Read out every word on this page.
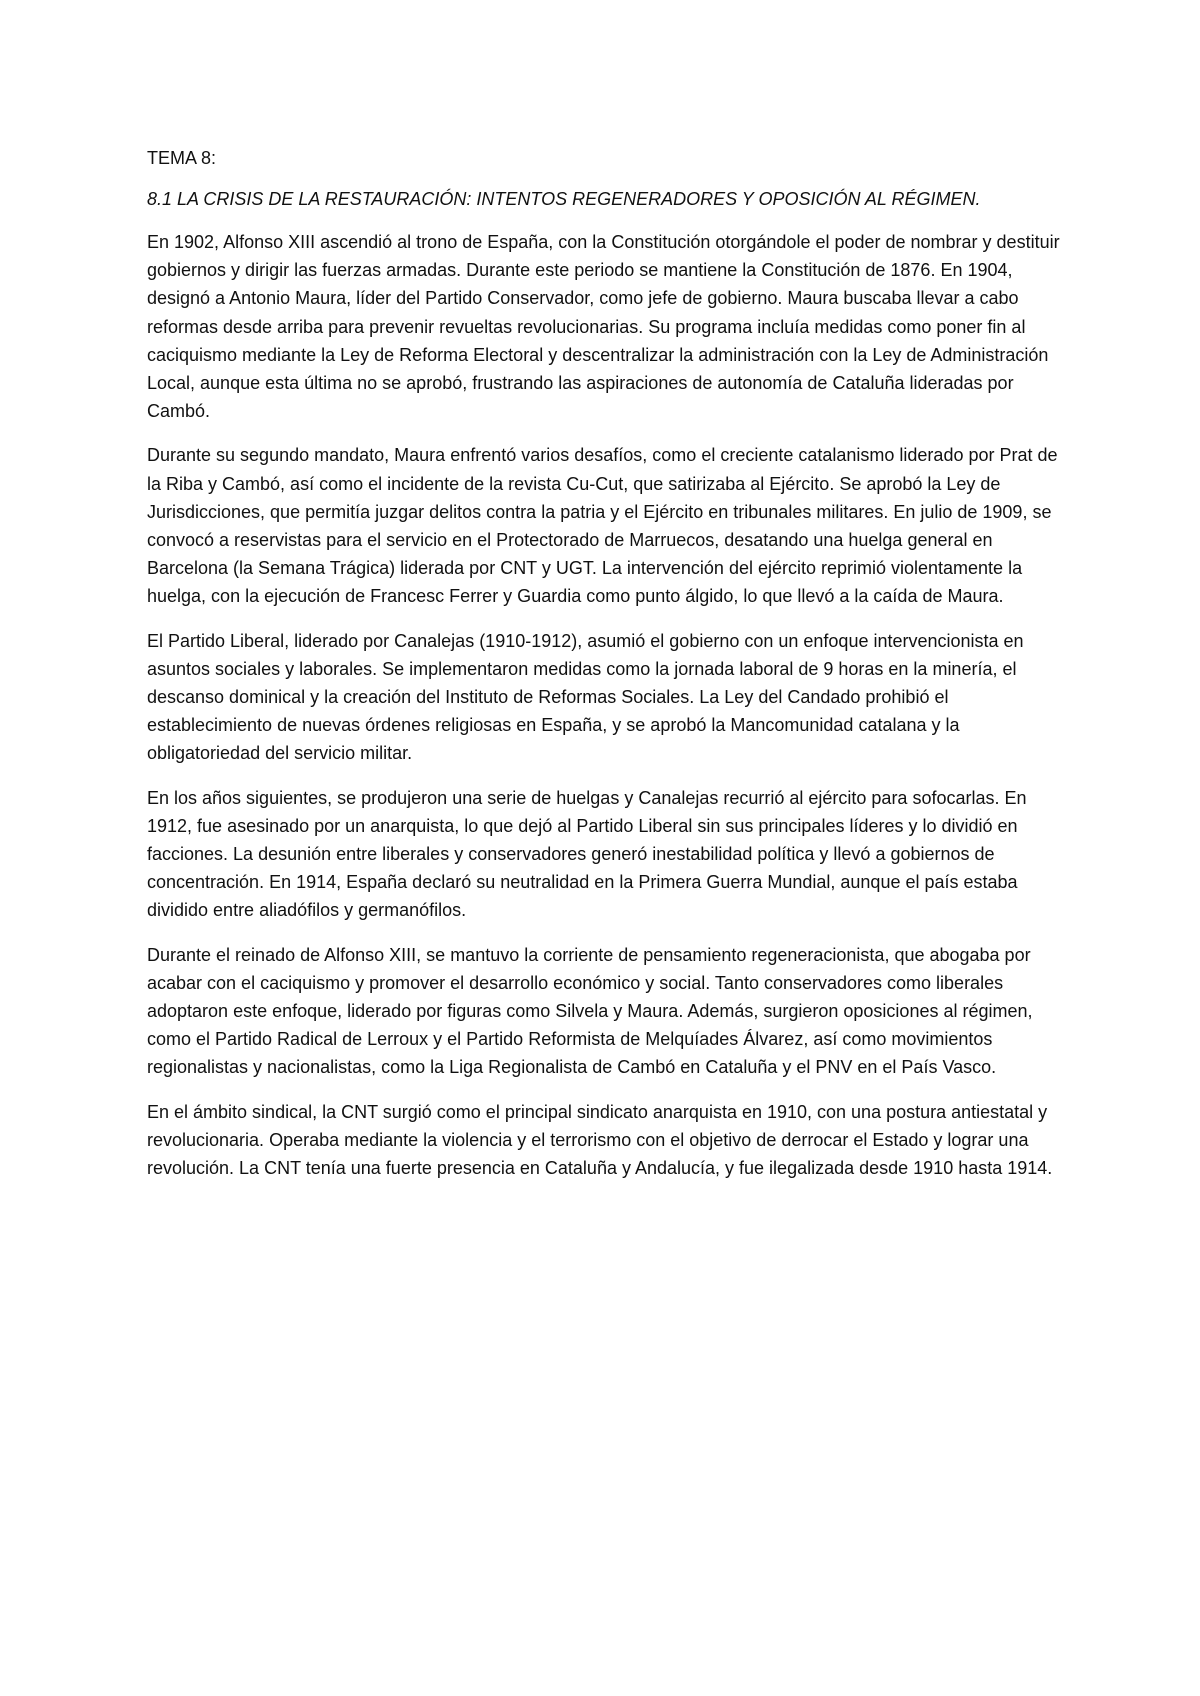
TEMA 8:
8.1 LA CRISIS DE LA RESTAURACIÓN: INTENTOS REGENERADORES Y OPOSICIÓN AL RÉGIMEN.

En 1902, Alfonso XIII ascendió al trono de España, con la Constitución otorgándole el poder de nombrar y destituir gobiernos y dirigir las fuerzas armadas. Durante este periodo se mantiene la Constitución de 1876. En 1904, designó a Antonio Maura, líder del Partido Conservador, como jefe de gobierno. Maura buscaba llevar a cabo reformas desde arriba para prevenir revueltas revolucionarias. Su programa incluía medidas como poner fin al caciquismo mediante la Ley de Reforma Electoral y descentralizar la administración con la Ley de Administración Local, aunque esta última no se aprobó, frustrando las aspiraciones de autonomía de Cataluña lideradas por Cambó.

Durante su segundo mandato, Maura enfrentó varios desafíos, como el creciente catalanismo liderado por Prat de la Riba y Cambó, así como el incidente de la revista Cu-Cut, que satirizaba al Ejército. Se aprobó la Ley de Jurisdicciones, que permitía juzgar delitos contra la patria y el Ejército en tribunales militares. En julio de 1909, se convocó a reservistas para el servicio en el Protectorado de Marruecos, desatando una huelga general en Barcelona (la Semana Trágica) liderada por CNT y UGT. La intervención del ejército reprimió violentamente la huelga, con la ejecución de Francesc Ferrer y Guardia como punto álgido, lo que llevó a la caída de Maura.

El Partido Liberal, liderado por Canalejas (1910-1912), asumió el gobierno con un enfoque intervencionista en asuntos sociales y laborales. Se implementaron medidas como la jornada laboral de 9 horas en la minería, el descanso dominical y la creación del Instituto de Reformas Sociales. La Ley del Candado prohibió el establecimiento de nuevas órdenes religiosas en España, y se aprobó la Mancomunidad catalana y la obligatoriedad del servicio militar.

En los años siguientes, se produjeron una serie de huelgas y Canalejas recurrió al ejército para sofocarlas. En 1912, fue asesinado por un anarquista, lo que dejó al Partido Liberal sin sus principales líderes y lo dividió en facciones. La desunión entre liberales y conservadores generó inestabilidad política y llevó a gobiernos de concentración. En 1914, España declaró su neutralidad en la Primera Guerra Mundial, aunque el país estaba dividido entre aliadófilos y germanófilos.

Durante el reinado de Alfonso XIII, se mantuvo la corriente de pensamiento regeneracionista, que abogaba por acabar con el caciquismo y promover el desarrollo económico y social. Tanto conservadores como liberales adoptaron este enfoque, liderado por figuras como Silvela y Maura. Además, surgieron oposiciones al régimen, como el Partido Radical de Lerroux y el Partido Reformista de Melquíades Álvarez, así como movimientos regionalistas y nacionalistas, como la Liga Regionalista de Cambó en Cataluña y el PNV en el País Vasco.

En el ámbito sindical, la CNT surgió como el principal sindicato anarquista en 1910, con una postura antiestatal y revolucionaria. Operaba mediante la violencia y el terrorismo con el objetivo de derrocar el Estado y lograr una revolución. La CNT tenía una fuerte presencia en Cataluña y Andalucía, y fue ilegalizada desde 1910 hasta 1914.
